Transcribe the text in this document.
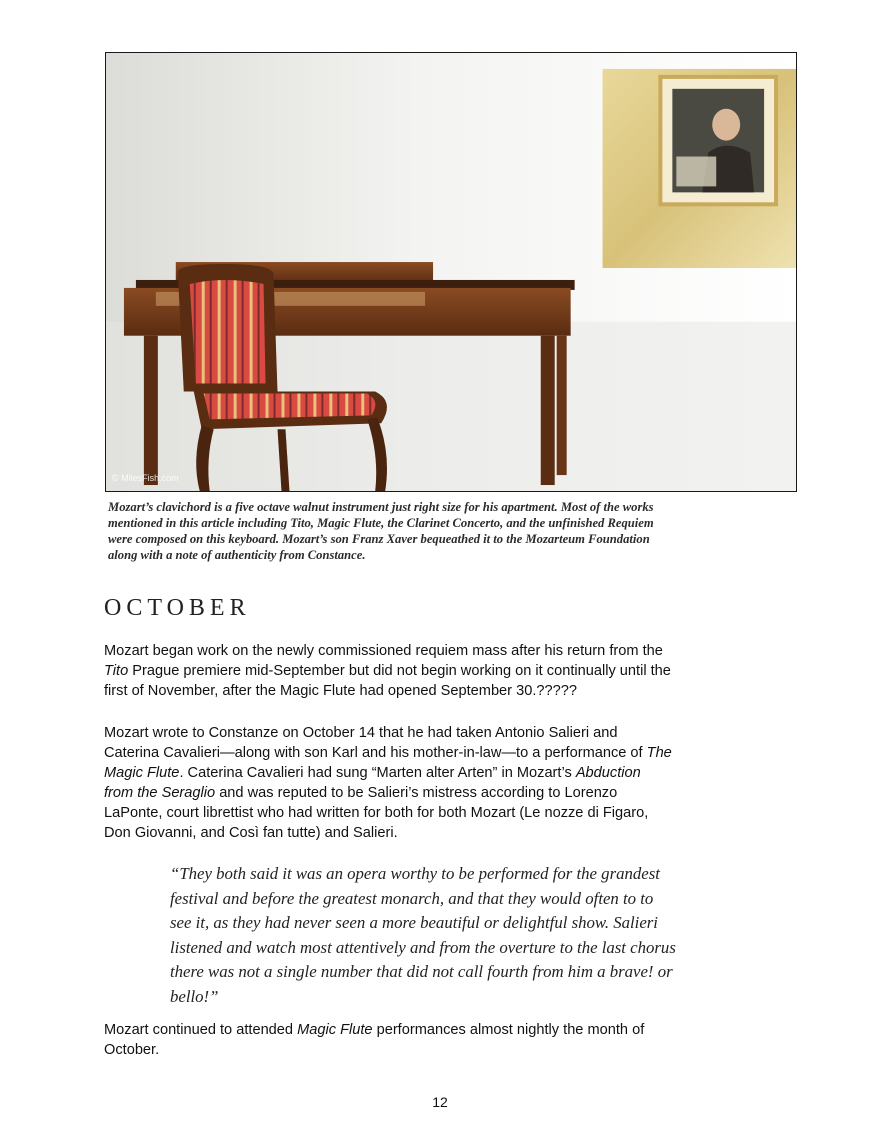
© MilesFish.com
Mozart’s clavichord is a five octave walnut instrument just right size for his apartment. Most of the works
mentioned in this article including Tito, Magic Flute, the Clarinet Concerto, and the unfinished Requiem
were composed on this keyboard. Mozart’s son Franz Xaver bequeathed it to the Mozarteum Foundation
along with a note of authenticity from Constance.
OCTOBER
Mozart began work on the newly commissioned requiem mass after his return from the
Tito Prague premiere mid-September but did not begin working on it continually until the
first of November, after the Magic Flute had opened September 30.?????
Mozart wrote to Constanze on October 14 that he had taken Antonio Salieri and
Caterina Cavalieri—along with son Karl and his mother-in-law—to a performance of The
Magic Flute. Caterina Cavalieri had sung “Marten alter Arten” in Mozart’s Abduction
from the Seraglio and was reputed to be Salieri’s mistress according to Lorenzo
LaPonte, court librettist who had written for both for both Mozart (Le nozze di Figaro,
Don Giovanni, and Così fan tutte) and Salieri.
“They both said it was an opera worthy to be performed for the grandest
festival and before the greatest monarch, and that they would often to to
see it, as they had never seen a more beautiful or delightful show. Salieri
listened and watch most attentively and from the overture to the last chorus
there was not a single number that did not call fourth from him a brave! or
bello!”
Mozart continued to attended Magic Flute performances almost nightly the month of
October.
12
